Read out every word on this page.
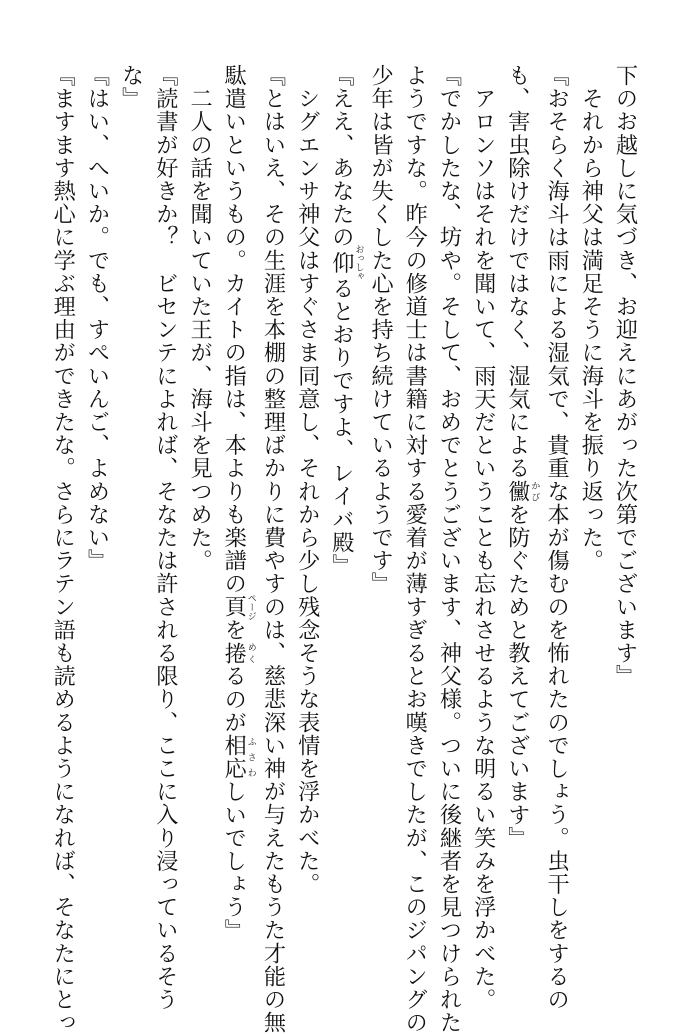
下のお越しに気づき、お迎えにあがった次第でございます』
　それから神父は満足そうに海斗を振り返った。
『おそらく海斗は雨による湿気で、貴重な本が傷むのを怖れたのでしょう。虫干しをするの
も、害虫除けだけではなく、湿気による黴 かびを防ぐためと教えてございます』
　アロンソはそれを聞いて、雨天だということも忘れさせるような明るい笑みを浮かべた。
『でかしたな、坊や。そして、おめでとうございます、神父様。ついに後継者を見つけられた
ようですな。昨今の修道士は書籍に対する愛着が薄すぎるとお嘆きでしたが、このジパングの
少年は皆が失くした心を持ち続けているようです』
『ええ、あなたの仰 おっしゃるとおりですよ、レイバ殿』
　シグエンサ神父はすぐさま同意し、それから少し残念そうな表情を浮かべた。
『とはいえ、その生涯を本棚の整理ばかりに費やすのは、慈悲深い神が与えたもうた才能の無
駄遣いというもの。カイトの指は、本よりも楽譜の頁 ページを捲 めくるのが相応 ふさわしいでしょう』
　二人の話を聞いていた王が、海斗を見つめた。
『読書が好きか？　ビセンテによれば、そなたは許される限り、ここに入り浸っているそう
な』
『はい、へいか。でも、すぺいんご、よめない』
『ますます熱心に学ぶ理由ができたな。さらにラテン語も読めるようになれば、そなたにとっ
